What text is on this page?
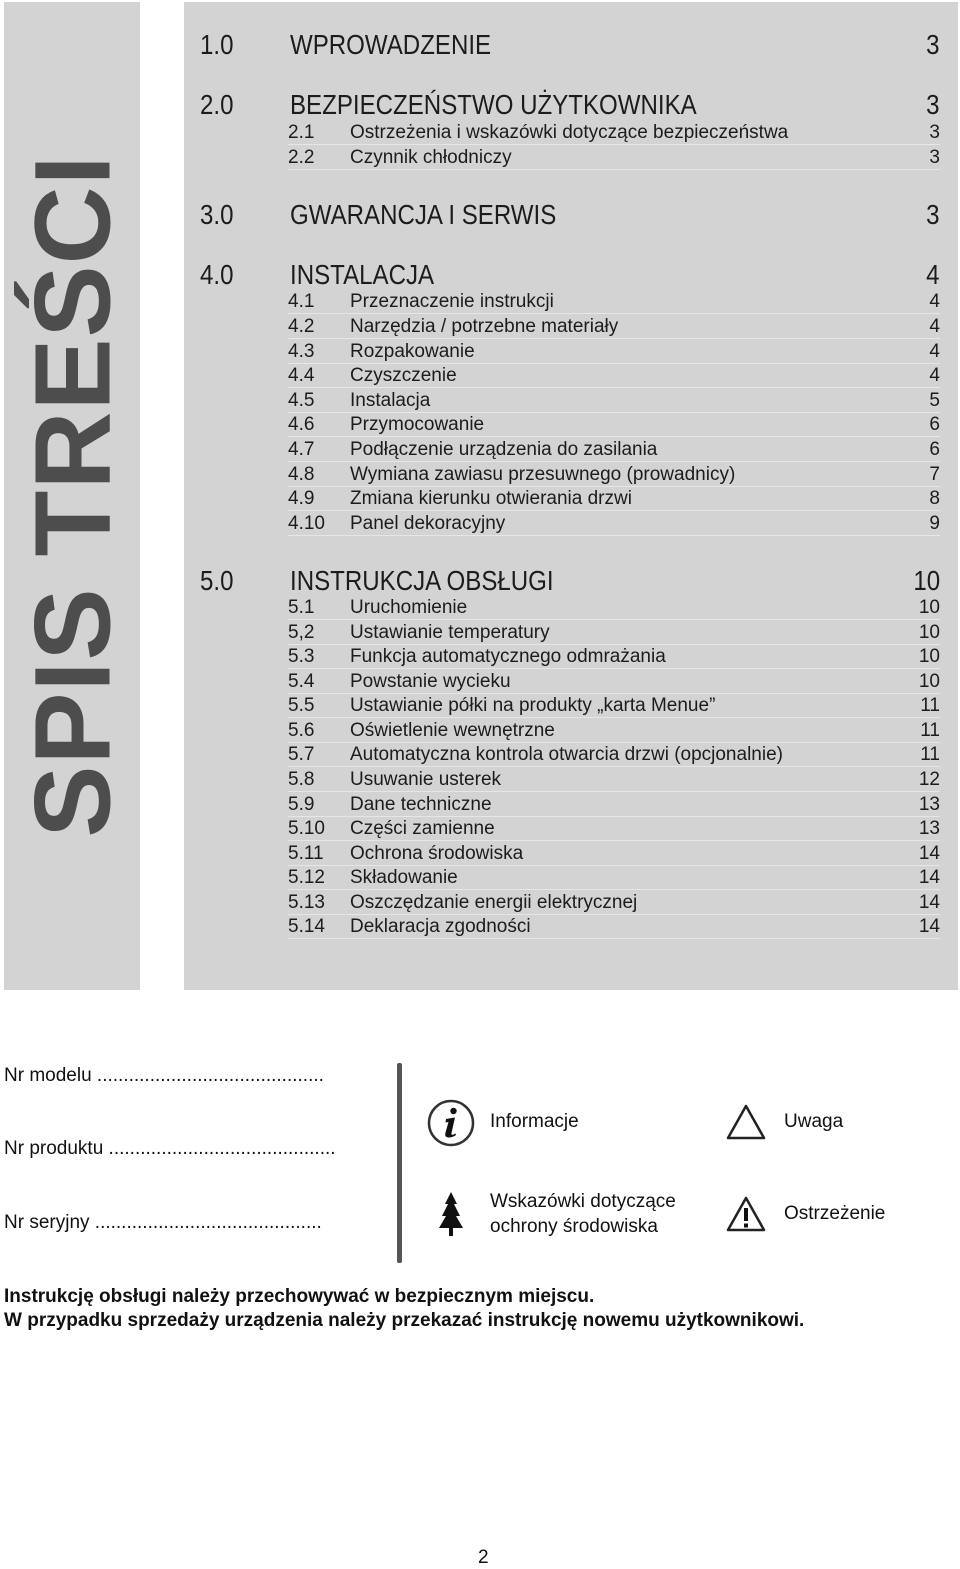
SPIS TREŚCI
1.0 WPROWADZENIE	3
2.0 BEZPIECZEŃSTWO UŻYTKOWNIKA	3
2.1 Ostrzeżenia i wskazówki dotyczące bezpieczeństwa	3
2.2 Czynnik chłodniczy	3
3.0 GWARANCJA I SERWIS	3
4.0 INSTALACJA	4
4.1 Przeznaczenie instrukcji	4
4.2 Narzędzia / potrzebne materiały	4
4.3 Rozpakowanie	4
4.4 Czyszczenie	4
4.5 Instalacja	5
4.6 Przymocowanie	6
4.7 Podłączenie urządzenia do zasilania	6
4.8 Wymiana zawiasu przesuwnego (prowadnicy)	7
4.9 Zmiana kierunku otwierania drzwi	8
4.10 Panel dekoracyjny	9
5.0 INSTRUKCJA OBSŁUGI	10
5.1 Uruchomienie	10
5,2 Ustawianie temperatury	10
5.3 Funkcja automatycznego odmrażania	10
5.4 Powstanie wycieku	10
5.5 Ustawianie półki na produkty „karta Menue”	11
5.6 Oświetlenie wewnętrzne	11
5.7 Automatyczna kontrola otwarcia drzwi (opcjonalnie)	11
5.8 Usuwanie usterek	12
5.9 Dane techniczne	13
5.10 Części zamienne	13
5.11 Ochrona środowiska	14
5.12 Składowanie	14
5.13 Oszczędzanie energii elektrycznej	14
5.14 Deklaracja zgodności	14
Nr modelu ...........................................
Nr produktu ...........................................
Nr seryjny ...........................................
Informacje	Uwaga
Wskazówki dotyczące
ochrony środowiska
Ostrzeżenie
Instrukcję obsługi należy przechowywać w bezpiecznym miejscu.
W przypadku sprzedaży urządzenia należy przekazać instrukcję nowemu użytkownikowi.
2
